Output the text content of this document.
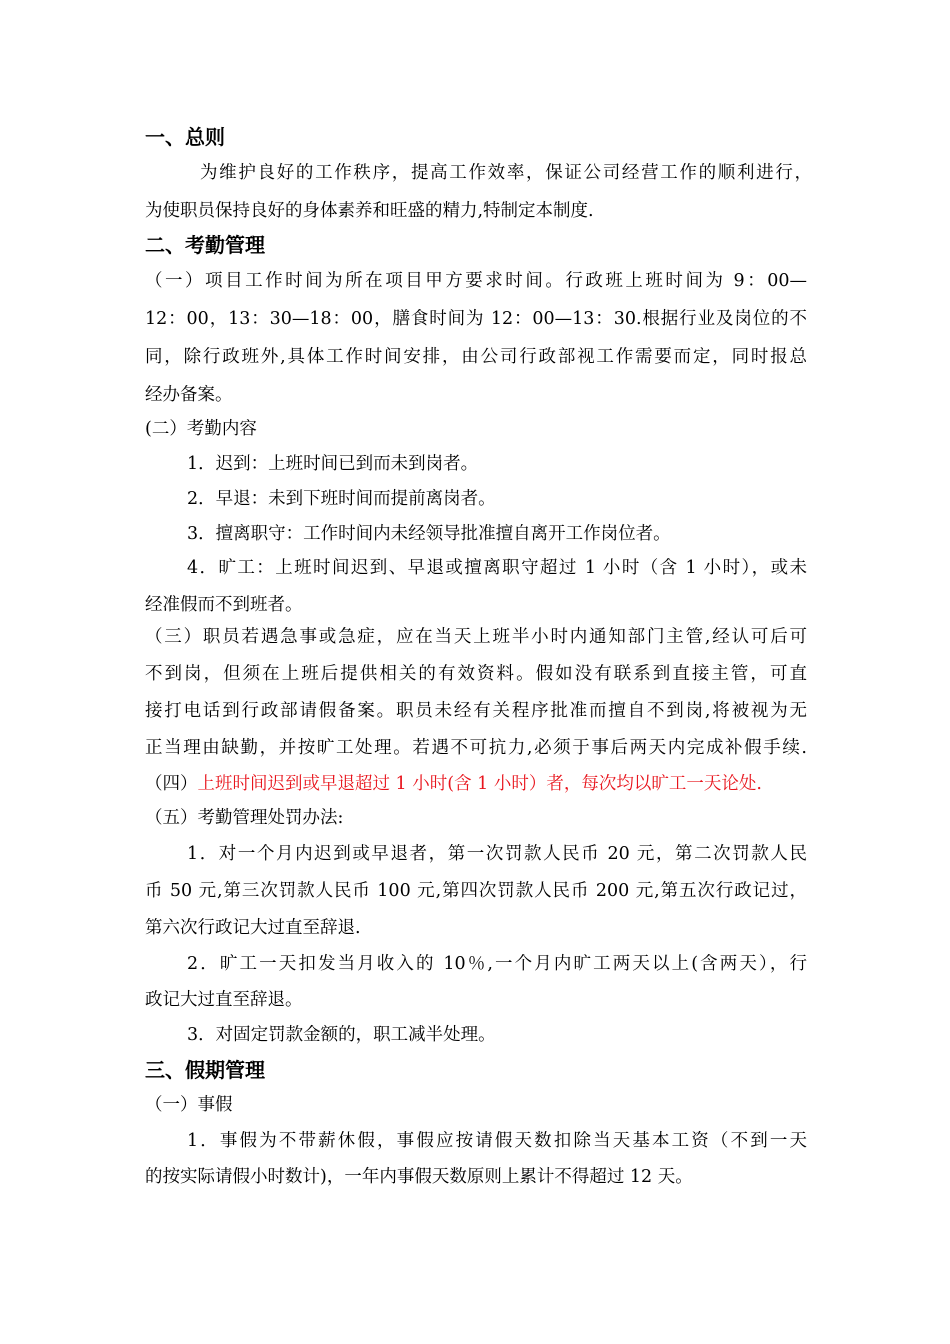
一、总则
为维护良好的工作秩序，提高工作效率，保证公司经营工作的顺利进行，
为使职员保持良好的身体素养和旺盛的精力,特制定本制度.
二、考勤管理
（一）项目工作时间为所在项目甲方要求时间。行政班上班时间为 9：00—
12：00，13：30—18：00，膳食时间为 12：00—13：30.根据行业及岗位的不
同，除行政班外,具体工作时间安排，由公司行政部视工作需要而定，同时报总
经办备案。
(二）考勤内容
1．迟到：上班时间已到而未到岗者。
2．早退：未到下班时间而提前离岗者。
3．擅离职守：工作时间内未经领导批准擅自离开工作岗位者。
4．旷工：上班时间迟到、早退或擅离职守超过 1 小时（含 1 小时），或未
经准假而不到班者。
（三）职员若遇急事或急症，应在当天上班半小时内通知部门主管,经认可后可
不到岗，但须在上班后提供相关的有效资料。假如没有联系到直接主管，可直
接打电话到行政部请假备案。职员未经有关程序批准而擅自不到岗,将被视为无
正当理由缺勤，并按旷工处理。若遇不可抗力,必须于事后两天内完成补假手续.
（四）上班时间迟到或早退超过 1 小时(含 1 小时）者，每次均以旷工一天论处.
（五）考勤管理处罚办法:
1．对一个月内迟到或早退者，第一次罚款人民币 20 元，第二次罚款人民
币 50 元,第三次罚款人民币 100 元,第四次罚款人民币 200 元,第五次行政记过，
第六次行政记大过直至辞退.
2．旷工一天扣发当月收入的 10％,一个月内旷工两天以上(含两天），行
政记大过直至辞退。
3．对固定罚款金额的，职工减半处理。
三、假期管理
（一）事假
1．事假为不带薪休假，事假应按请假天数扣除当天基本工资（不到一天
的按实际请假小时数计)，一年内事假天数原则上累计不得超过 12 天。
